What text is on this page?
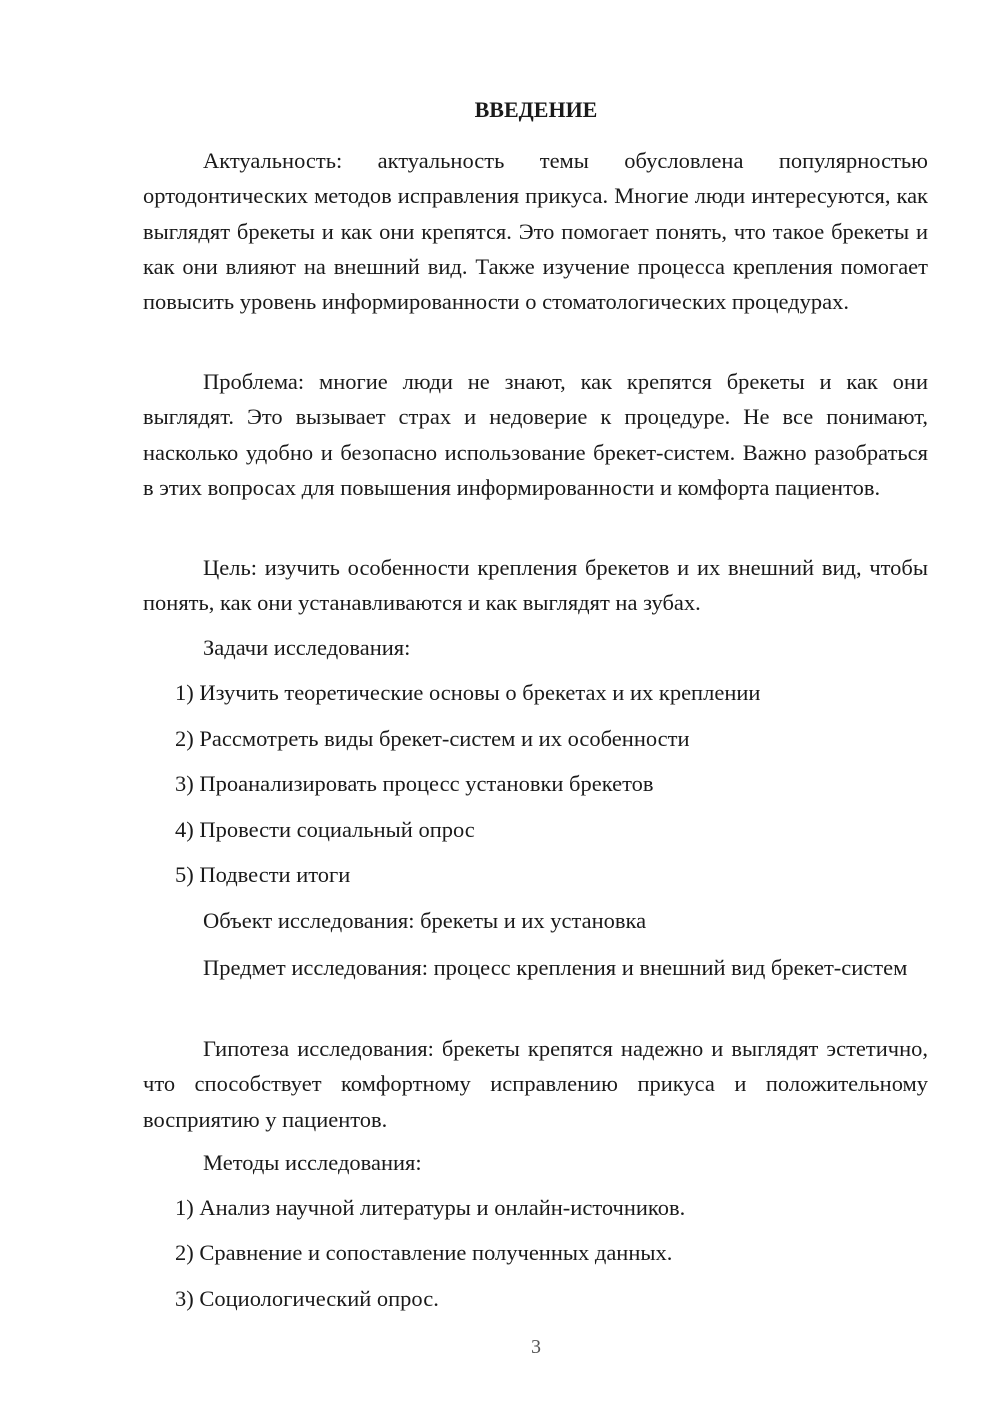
ВВЕДЕНИЕ

Актуальность: актуальность темы обусловлена популярностью ортодонтических методов исправления прикуса. Многие люди интересуются, как выглядят брекеты и как они крепятся. Это помогает понять, что такое брекеты и как они влияют на внешний вид. Также изучение процесса крепления помогает повысить уровень информированности о стоматологических процедурах.

Проблема: многие люди не знают, как крепятся брекеты и как они выглядят. Это вызывает страх и недоверие к процедуре. Не все понимают, насколько удобно и безопасно использование брекет-систем. Важно разобраться в этих вопросах для повышения информированности и комфорта пациентов.

Цель: изучить особенности крепления брекетов и их внешний вид, чтобы понять, как они устанавливаются и как выглядят на зубах.

Задачи исследования:
1) Изучить теоретические основы о брекетах и их креплении
2) Рассмотреть виды брекет-систем и их особенности
3) Проанализировать процесс установки брекетов
4) Провести социальный опрос
5) Подвести итоги
Объект исследования: брекеты и их установка

Предмет исследования: процесс крепления и внешний вид брекет-систем

Гипотеза исследования: брекеты крепятся надежно и выглядят эстетично, что способствует комфортному исправлению прикуса и положительному восприятию у пациентов.

Методы исследования:
1) Анализ научной литературы и онлайн-источников.
2) Сравнение и сопоставление полученных данных.
3) Социологический опрос.
3
